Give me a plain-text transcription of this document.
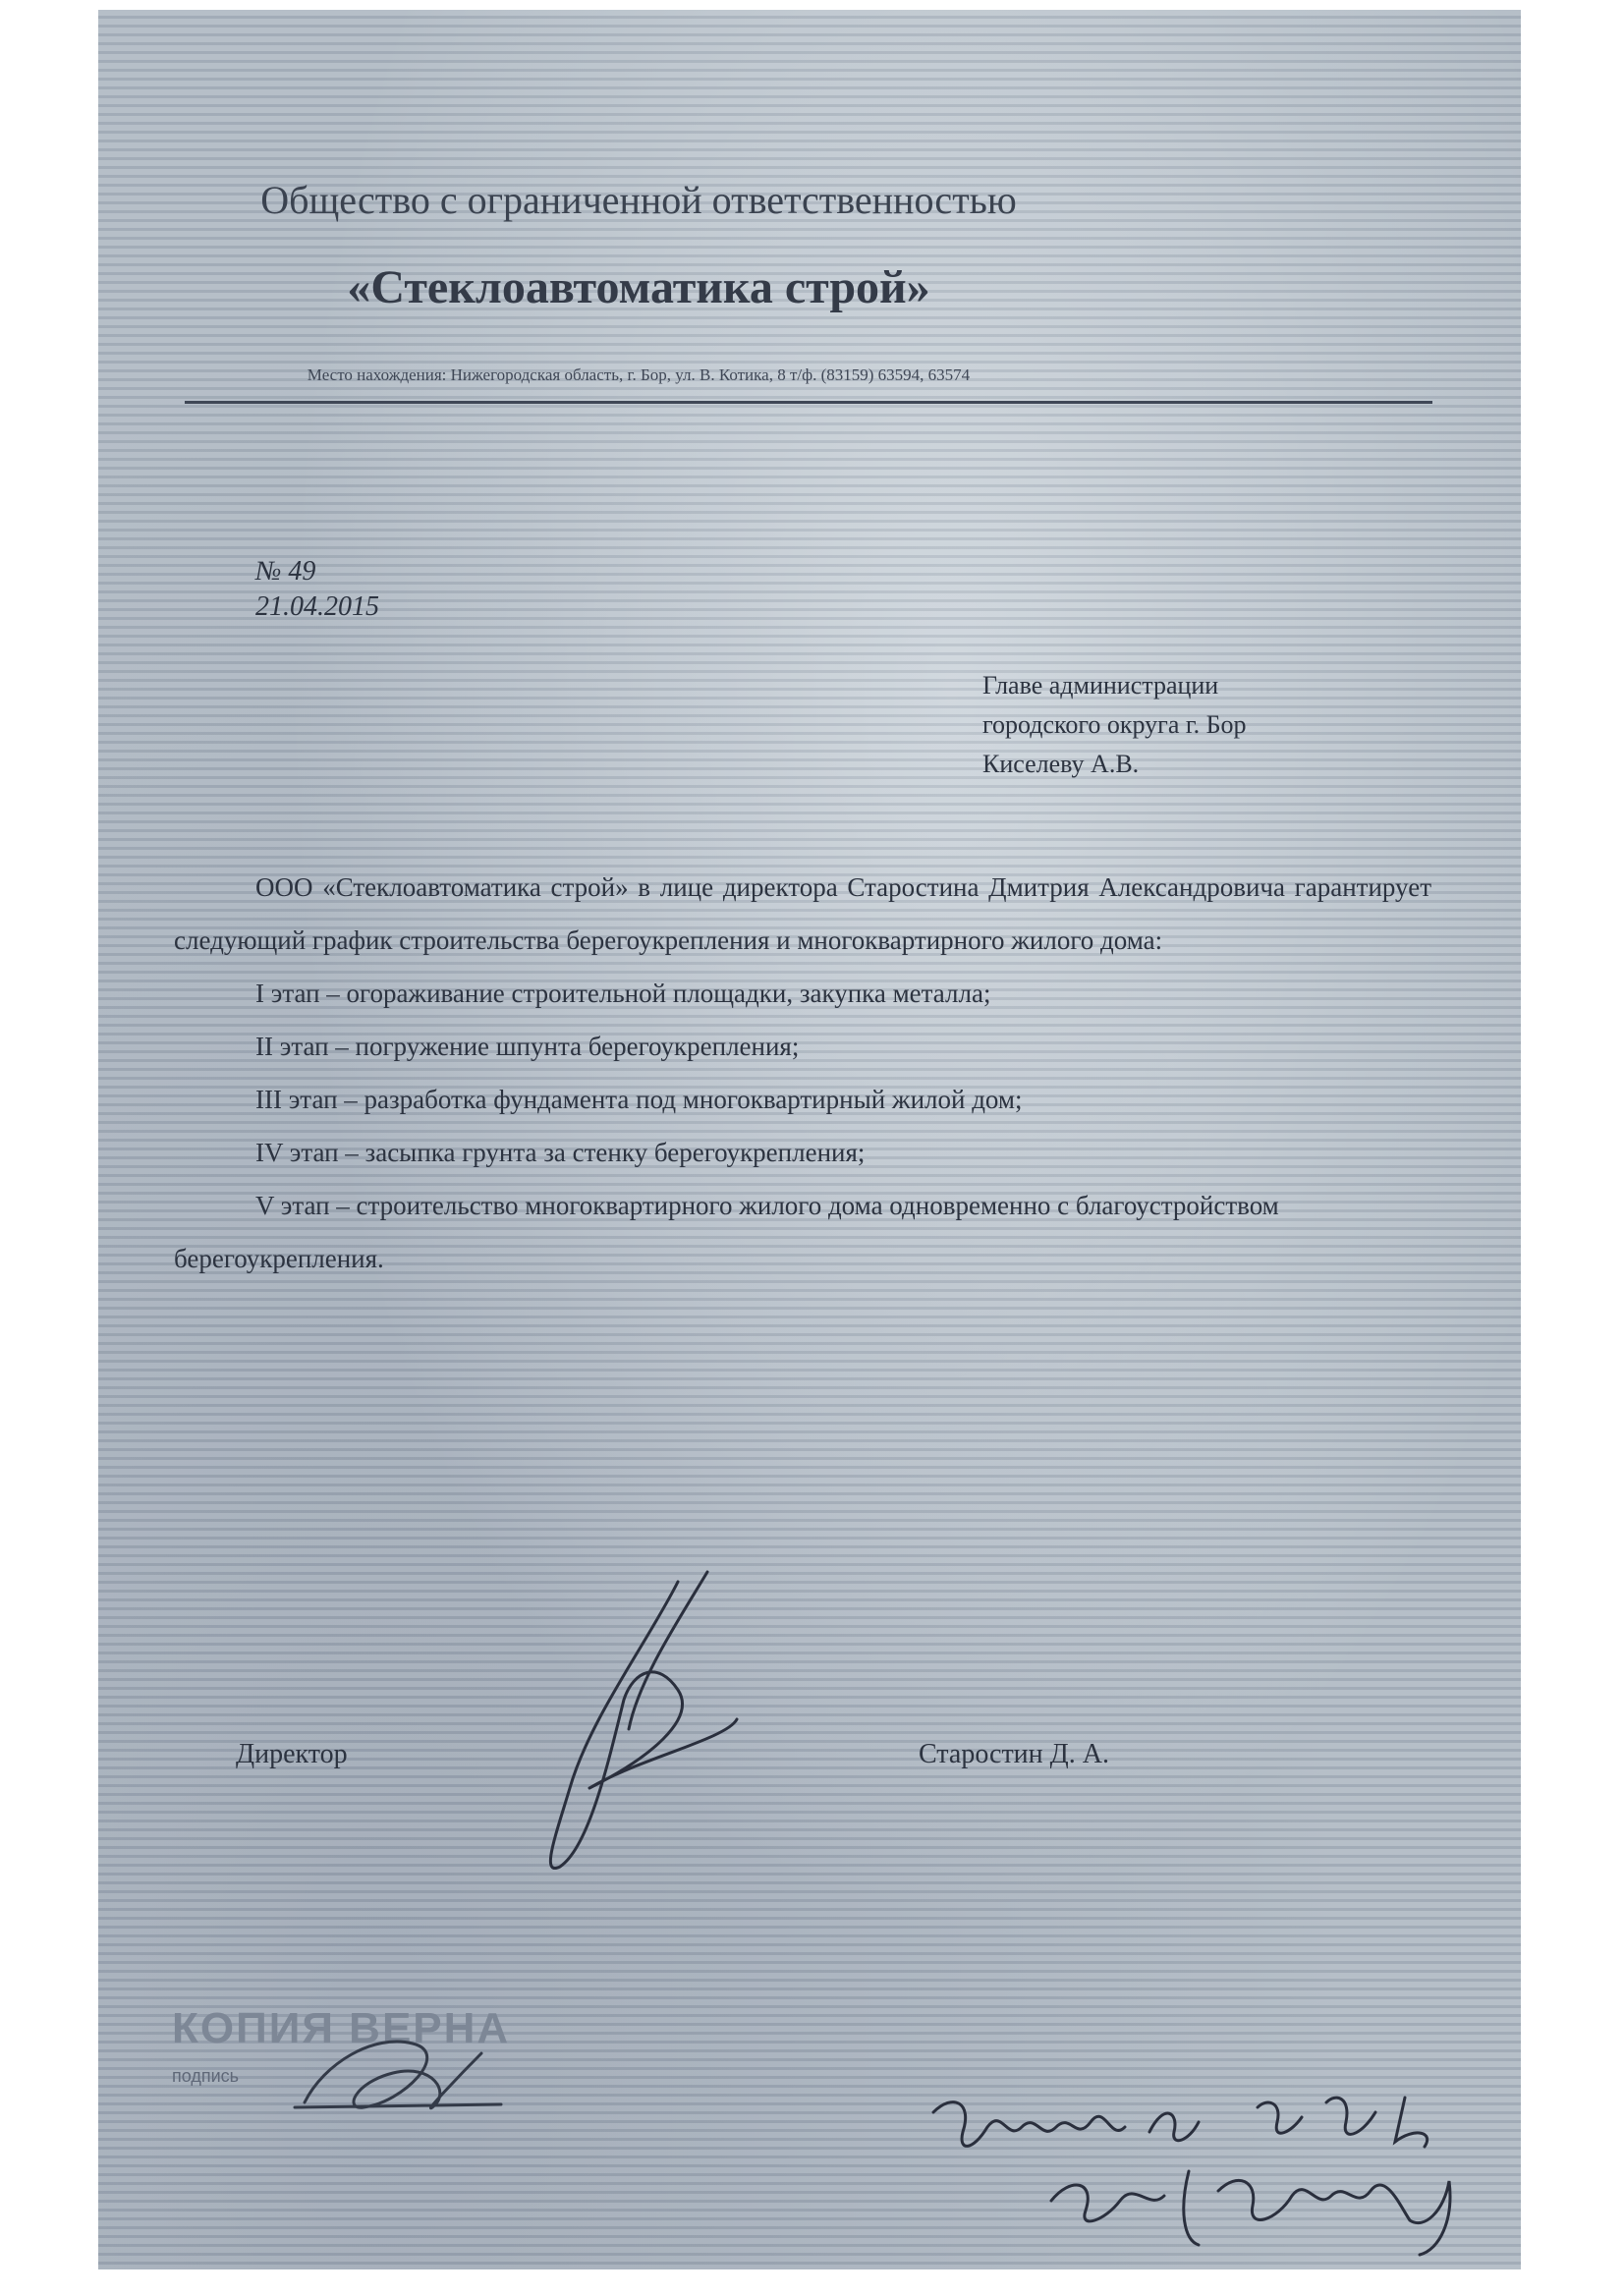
Общество с ограниченной ответственностью
«Стеклоавтоматика строй»
Место нахождения: Нижегородская область, г. Бор, ул. В. Котика, 8 т/ф. (83159) 63594, 63574
№ 49
21.04.2015
Главе администрации
городского округа г. Бор
Киселеву А.В.
ООО «Стеклоавтоматика строй» в лице директора Старостина Дмитрия Александровича гарантирует следующий график строительства берегоукрепления и многоквартирного жилого дома:
I этап – огораживание строительной площадки, закупка металла;
II этап – погружение шпунта берегоукрепления;
III этап – разработка фундамента под многоквартирный жилой дом;
IV этап – засыпка грунта за стенку берегоукрепления;
V этап – строительство многоквартирного жилого дома одновременно с благоустройством берегоукрепления.
Директор	Старостин Д. А.
КОПИЯ ВЕРНА
подпись
